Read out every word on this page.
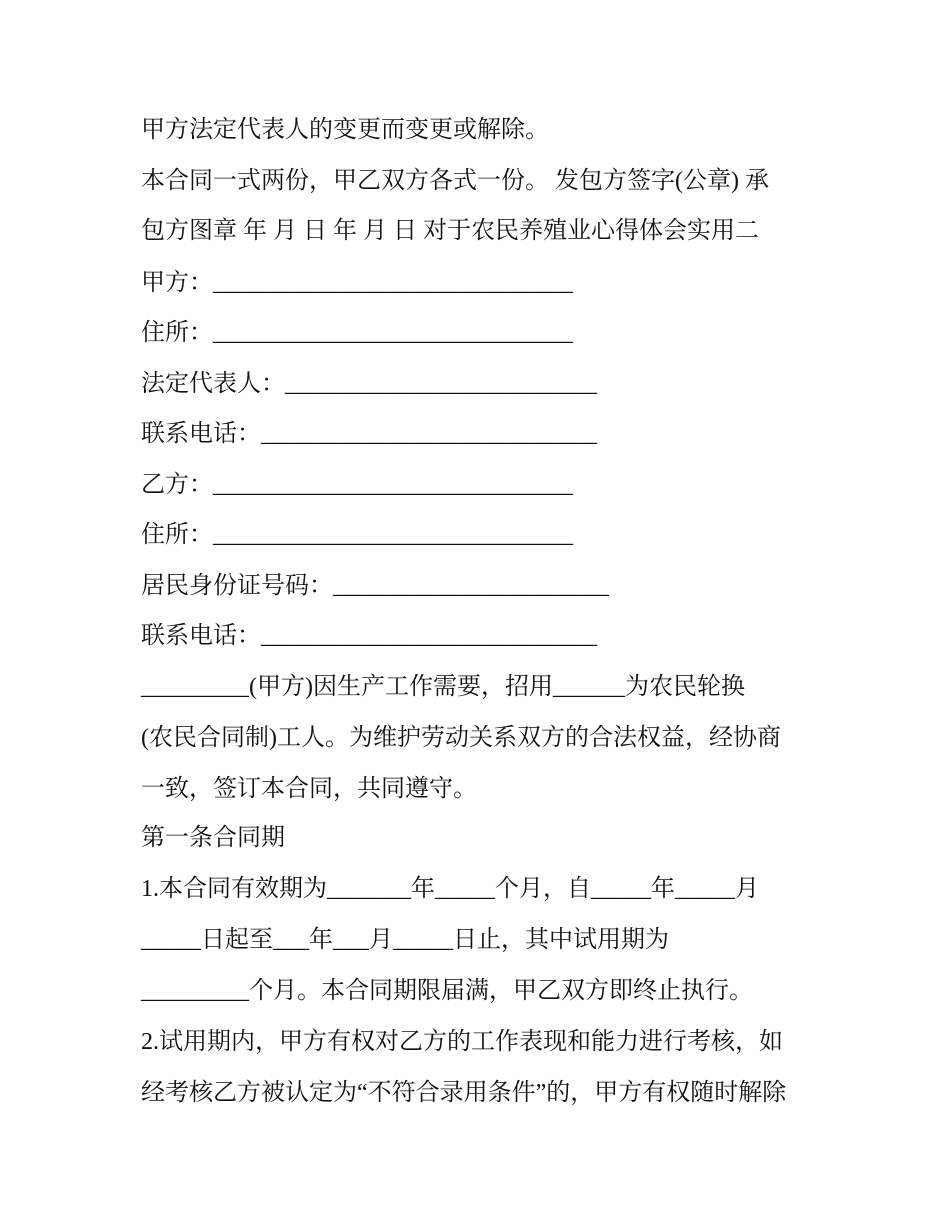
甲方法定代表人的变更而变更或解除。
本合同一式两份，甲乙双方各式一份。 发包方签字(公章) 承
包方图章 年 月 日 年 月 日 对于农民养殖业心得体会实用二
甲方：______________________________
住所：______________________________
法定代表人：__________________________
联系电话：____________________________
乙方：______________________________
住所：______________________________
居民身份证号码：_______________________
联系电话：____________________________
_________(甲方)因生产工作需要，招用______为农民轮换
(农民合同制)工人。为维护劳动关系双方的合法权益，经协商
一致，签订本合同，共同遵守。
第一条合同期
1.本合同有效期为_______年_____个月，自_____年_____月
_____日起至___年___月_____日止，其中试用期为
_________个月。本合同期限届满，甲乙双方即终止执行。
2.试用期内，甲方有权对乙方的工作表现和能力进行考核，如
经考核乙方被认定为“不符合录用条件”的，甲方有权随时解除
